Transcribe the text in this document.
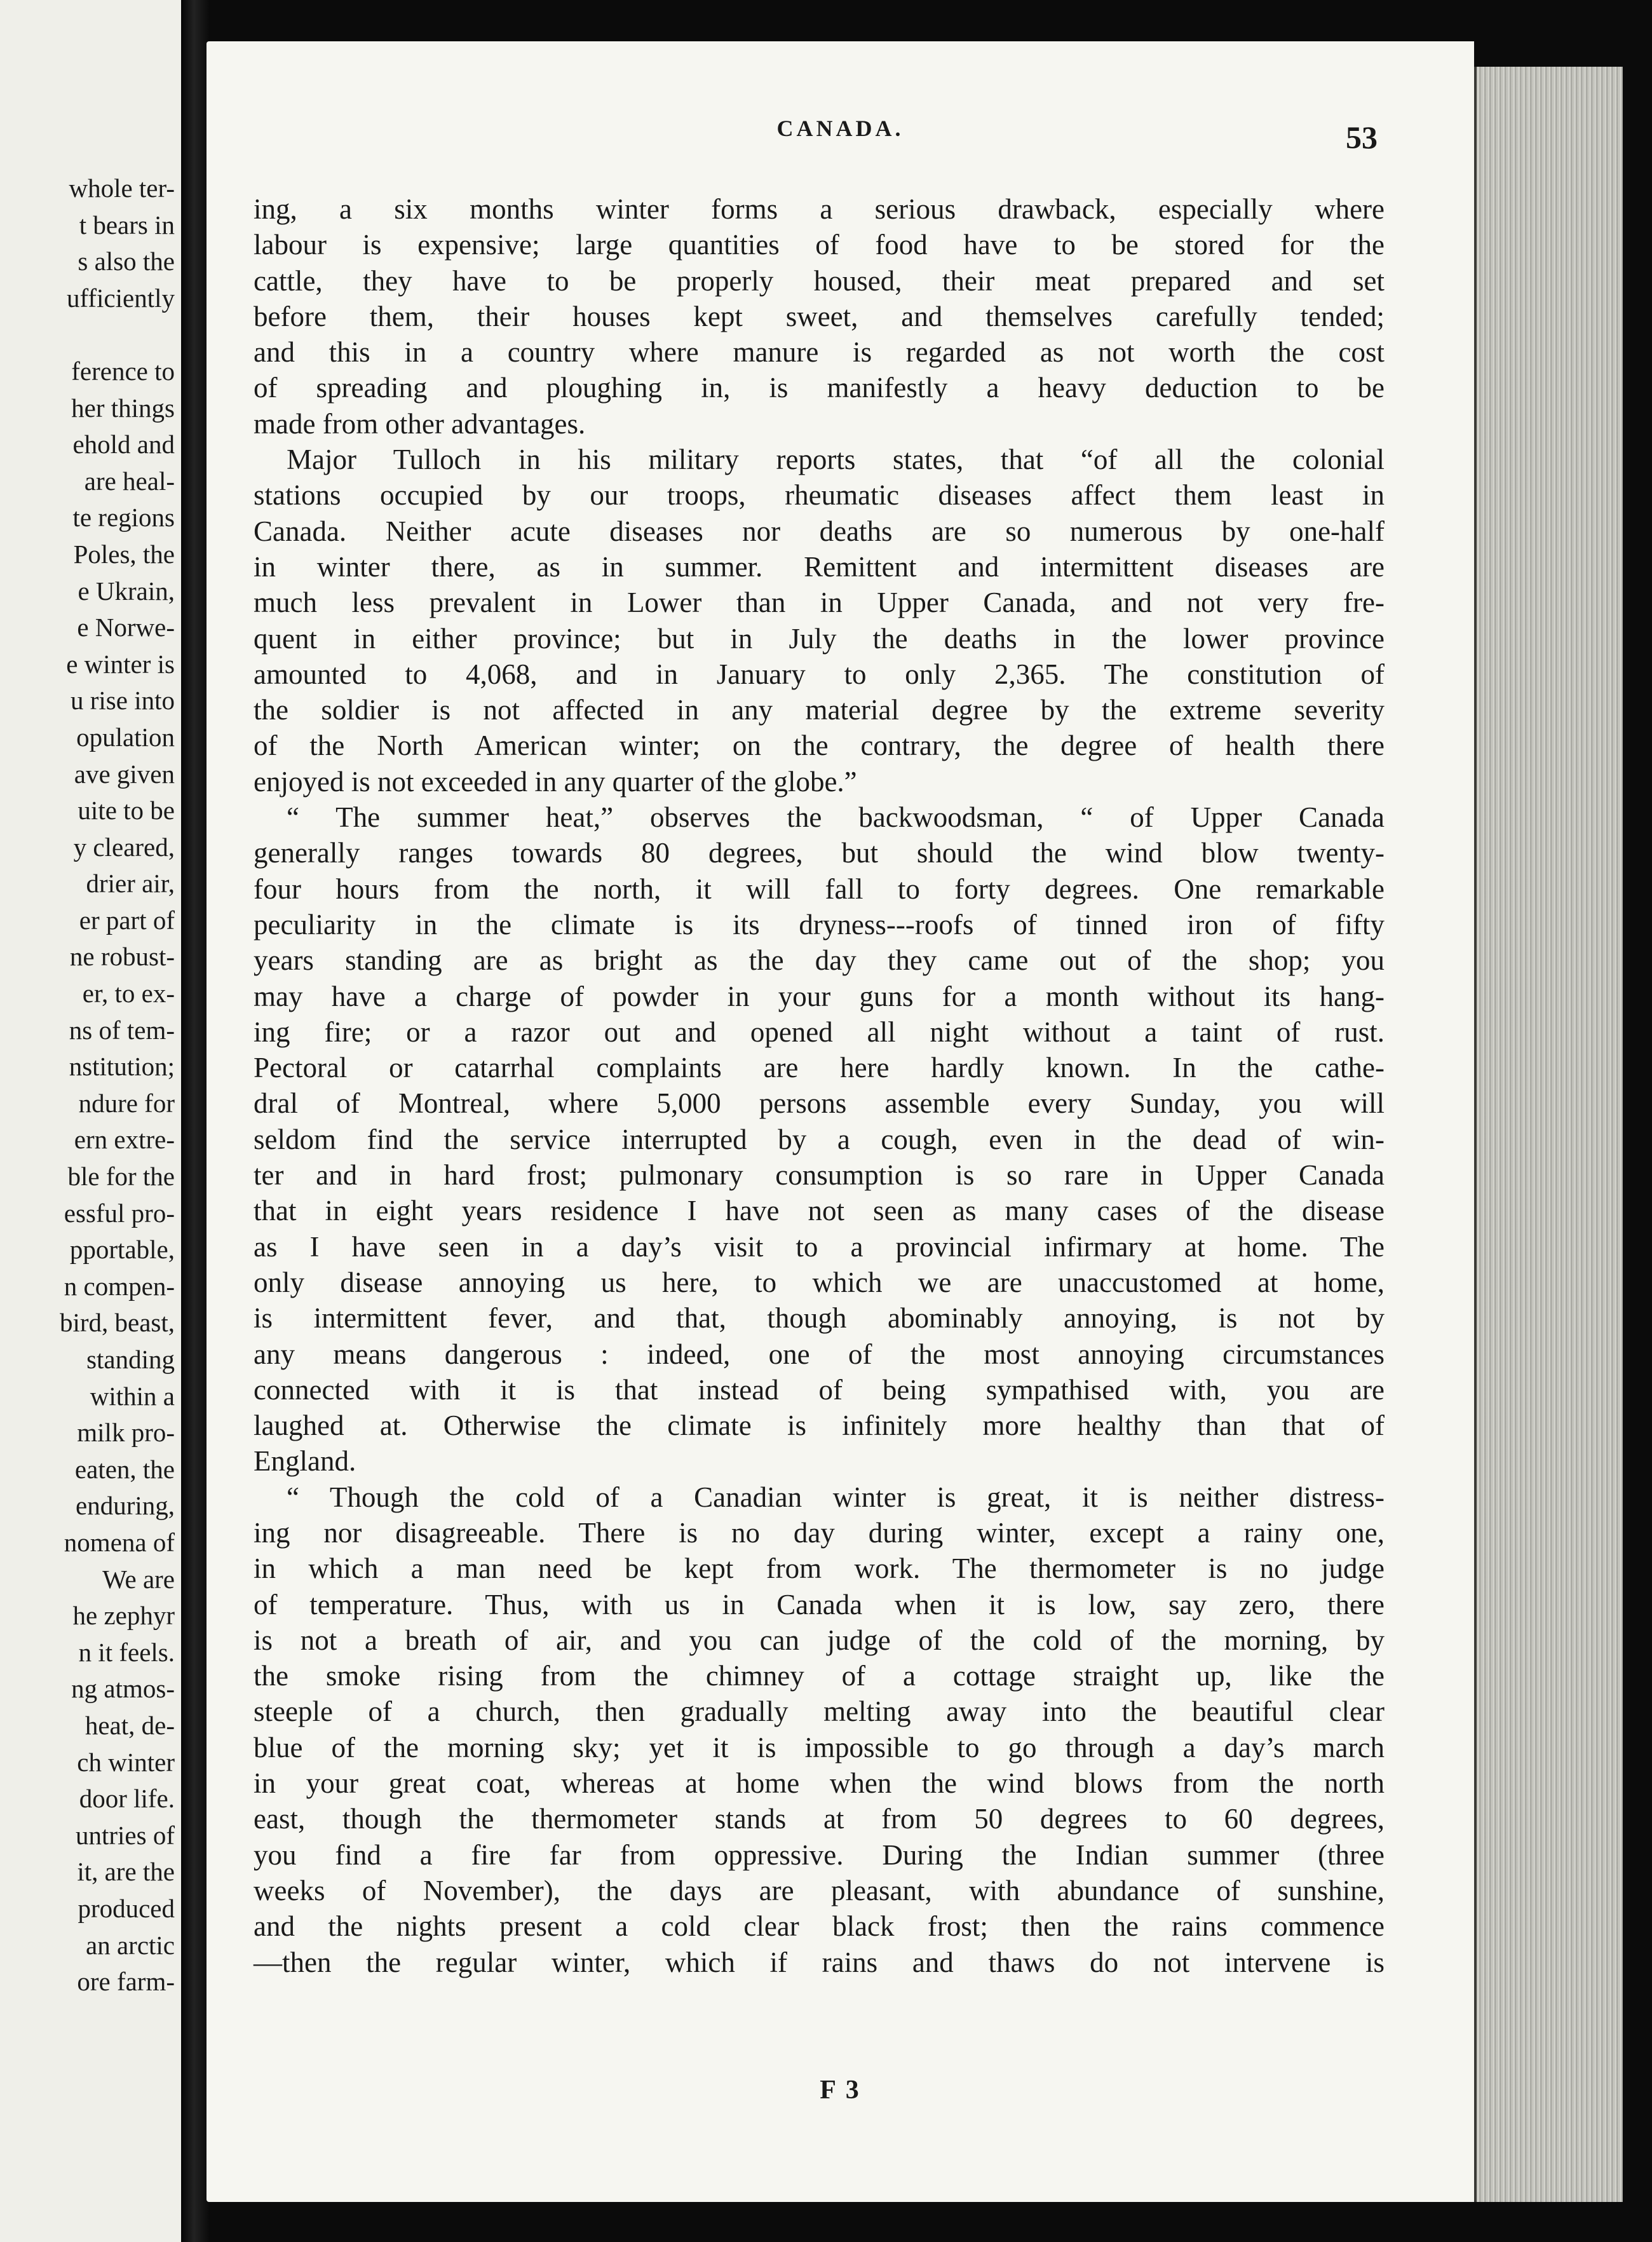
whole ter-
t bears in
s also the
ufficiently

ference to
her things
ehold and
are heal-
te regions
Poles, the
e Ukrain,
e Norwe-
e winter is
u rise into
opulation
ave given
uite to be
y cleared,
drier air,
er part of
ne robust-
er, to ex-
ns of tem-
nstitution;
ndure for
ern extre-
ble for the
essful pro-
pportable,
n compen-
bird, beast,
standing
within a
milk pro-
eaten, the
enduring,
nomena of
We are
he zephyr
n it feels.
ng atmos-
heat, de-
ch winter
door life.
untries of
it, are the
produced
an arctic
ore farm-
CANADA.	53
ing, a six months winter forms a serious drawback, especially where
labour is expensive; large quantities of food have to be stored for the
cattle, they have to be properly housed, their meat prepared and set
before them, their houses kept sweet, and themselves carefully tended;
and this in a country where manure is regarded as not worth the cost
of spreading and ploughing in, is manifestly a heavy deduction to be
made from other advantages.
Major Tulloch in his military reports states, that “of all the colonial
stations occupied by our troops, rheumatic diseases affect them least in
Canada. Neither acute diseases nor deaths are so numerous by one-half
in winter there, as in summer. Remittent and intermittent diseases are
much less prevalent in Lower than in Upper Canada, and not very fre-
quent in either province; but in July the deaths in the lower province
amounted to 4,068, and in January to only 2,365. The constitution of
the soldier is not affected in any material degree by the extreme severity
of the North American winter; on the contrary, the degree of health there
enjoyed is not exceeded in any quarter of the globe.”
“ The summer heat,” observes the backwoodsman, “ of Upper Canada
generally ranges towards 80 degrees, but should the wind blow twenty-
four hours from the north, it will fall to forty degrees. One remarkable
peculiarity in the climate is its dryness---roofs of tinned iron of fifty
years standing are as bright as the day they came out of the shop; you
may have a charge of powder in your guns for a month without its hang-
ing fire; or a razor out and opened all night without a taint of rust.
Pectoral or catarrhal complaints are here hardly known. In the cathe-
dral of Montreal, where 5,000 persons assemble every Sunday, you will
seldom find the service interrupted by a cough, even in the dead of win-
ter and in hard frost; pulmonary consumption is so rare in Upper Canada
that in eight years residence I have not seen as many cases of the disease
as I have seen in a day’s visit to a provincial infirmary at home. The
only disease annoying us here, to which we are unaccustomed at home,
is intermittent fever, and that, though abominably annoying, is not by
any means dangerous : indeed, one of the most annoying circumstances
connected with it is that instead of being sympathised with, you are
laughed at. Otherwise the climate is infinitely more healthy than that of
England.
“ Though the cold of a Canadian winter is great, it is neither distress-
ing nor disagreeable. There is no day during winter, except a rainy one,
in which a man need be kept from work. The thermometer is no judge
of temperature. Thus, with us in Canada when it is low, say zero, there
is not a breath of air, and you can judge of the cold of the morning, by
the smoke rising from the chimney of a cottage straight up, like the
steeple of a church, then gradually melting away into the beautiful clear
blue of the morning sky; yet it is impossible to go through a day’s march
in your great coat, whereas at home when the wind blows from the north
east, though the thermometer stands at from 50 degrees to 60 degrees,
you find a fire far from oppressive. During the Indian summer (three
weeks of November), the days are pleasant, with abundance of sunshine,
and the nights present a cold clear black frost; then the rains commence
—then the regular winter, which if rains and thaws do not intervene is
F 3
